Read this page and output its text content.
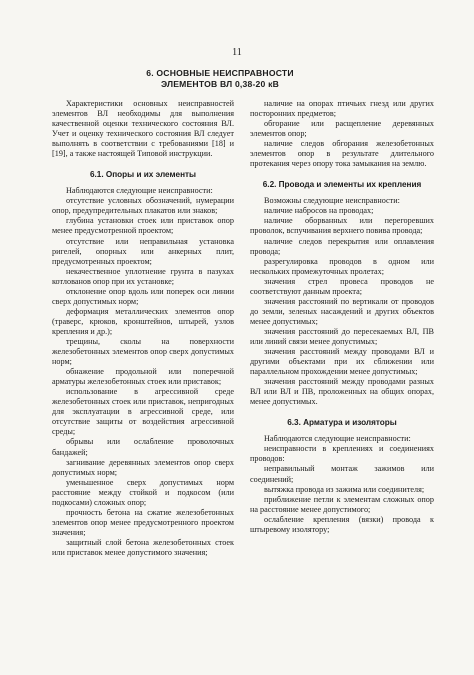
11
6. ОСНОВНЫЕ НЕИСПРАВНОСТИ
ЭЛЕМЕНТОВ ВЛ 0,38-20 кВ

Характеристики основных неисправностей элементов ВЛ необходимы для выполнения качественной оценки технического состояния ВЛ. Учет и оценку технического состояния ВЛ следует выполнять в соответствии с требованиями [18] и [19], а также настоящей Типовой инструкции.

6.1. Опоры и их элементы

Наблюдаются следующие неисправности:

отсутствие условных обозначений, нумерации опор, предупредительных плакатов или знаков;

глубина установки стоек или приставок опор менее предусмотренной проектом;

отсутствие или неправильная установка ригелей, опорных или анкерных плит, предусмотренных проектом;

некачественное уплотнение грунта в пазухах котлованов опор при их установке;

отклонение опор вдоль или поперек оси линии сверх допустимых норм;

деформация металлических элементов опор (траверс, крюков, кронштейнов, штырей, узлов крепления и др.);

трещины, сколы на поверхности железобетонных элементов опор сверх допустимых норм;

обнажение продольной или поперечной арматуры железобетонных стоек или приставок;

использование в агрессивной среде железобетонных стоек или приставок, непригодных для эксплуатации в агрессивной среде, или отсутствие защиты от воздействия агрессивной среды;

обрывы или ослабление проволочных бандажей;

загнивание деревянных элементов опор сверх допустимых норм;

уменьшенное сверх допустимых норм расстояние между стойкой и подкосом (или подкосами) сложных опор;

прочность бетона на сжатие железобетонных элементов опор менее предусмотренного проектом значения;

защитный слой бетона железобетонных стоек или приставок менее допустимого значения;

наличие на опорах птичьих гнезд или других посторонних предметов;

обгорание или расщепление деревянных элементов опор;

наличие следов обгорания железобетонных элементов опор в результате длительного протекания через опору тока замыкания на землю.

6.2. Провода и элементы их крепления

Возможны следующие неисправности:

наличие набросов на проводах;

наличие оборванных или перегоревших проволок, вспучивания верхнего повива провода;

наличие следов перекрытия или оплавления провода;

разрегулировка проводов в одном или нескольких промежуточных пролетах;

значения стрел провеса проводов не соответствуют данным проекта;

значения расстояний по вертикали от проводов до земли, зеленых насаждений и других объектов менее допустимых;

значения расстояний до пересекаемых ВЛ, ПВ или линий связи менее допустимых;

значения расстояний между проводами ВЛ и другими объектами при их сближении или параллельном прохождении менее допустимых;

значения расстояний между проводами разных ВЛ или ВЛ и ПВ, проложенных на общих опорах, менее допустимых.

6.3. Арматура и изоляторы

Наблюдаются следующие неисправности:

неисправности в креплениях и соединениях проводов:

неправильный монтаж зажимов или соединений;

вытяжка провода из зажима или соединителя;

приближение петли к элементам сложных опор на расстояние менее допустимого;

ослабление крепления (вязки) провода к штыревому изолятору;
